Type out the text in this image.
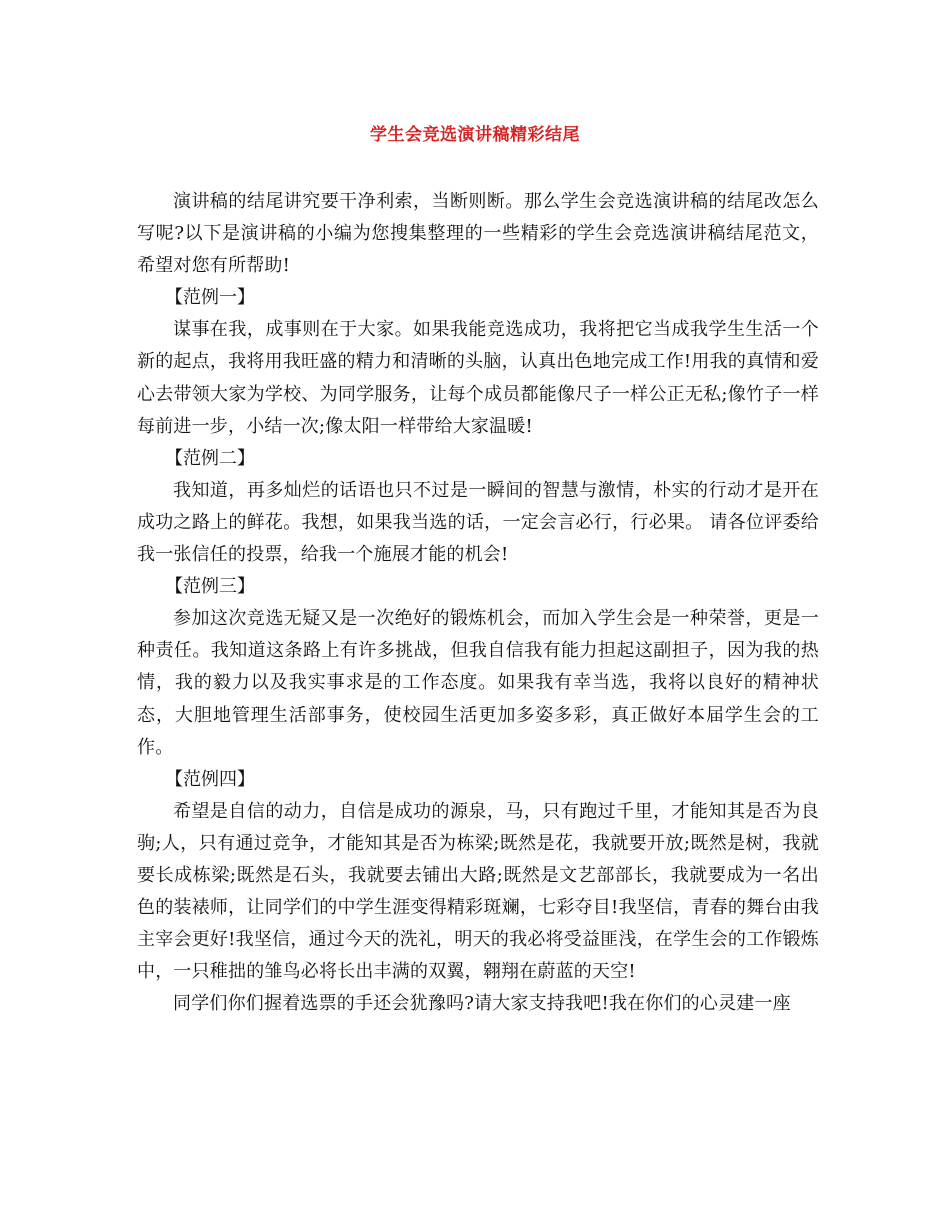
学生会竞选演讲稿精彩结尾

演讲稿的结尾讲究要干净利索，当断则断。那么学生会竞选演讲稿的结尾改怎么写呢?以下是演讲稿的小编为您搜集整理的一些精彩的学生会竞选演讲稿结尾范文，希望对您有所帮助!

【范例一】

谋事在我，成事则在于大家。如果我能竞选成功，我将把它当成我学生生活一个新的起点，我将用我旺盛的精力和清晰的头脑，认真出色地完成工作!用我的真情和爱心去带领大家为学校、为同学服务，让每个成员都能像尺子一样公正无私;像竹子一样每前进一步，小结一次;像太阳一样带给大家温暖!

【范例二】

我知道，再多灿烂的话语也只不过是一瞬间的智慧与激情，朴实的行动才是开在成功之路上的鲜花。我想，如果我当选的话，一定会言必行，行必果。 请各位评委给我一张信任的投票，给我一个施展才能的机会!

【范例三】

参加这次竞选无疑又是一次绝好的锻炼机会，而加入学生会是一种荣誉，更是一种责任。我知道这条路上有许多挑战，但我自信我有能力担起这副担子，因为我的热情，我的毅力以及我实事求是的工作态度。如果我有幸当选，我将以良好的精神状态，大胆地管理生活部事务，使校园生活更加多姿多彩，真正做好本届学生会的工作。

【范例四】

希望是自信的动力，自信是成功的源泉，马，只有跑过千里，才能知其是否为良驹;人，只有通过竞争，才能知其是否为栋梁;既然是花，我就要开放;既然是树，我就要长成栋梁;既然是石头，我就要去铺出大路;既然是文艺部部长，我就要成为一名出色的装裱师，让同学们的中学生涯变得精彩斑斓，七彩夺目!我坚信，青春的舞台由我主宰会更好!我坚信，通过今天的洗礼，明天的我必将受益匪浅，在学生会的工作锻炼中，一只稚拙的雏鸟必将长出丰满的双翼，翱翔在蔚蓝的天空!

同学们你们握着选票的手还会犹豫吗?请大家支持我吧!我在你们的心灵建一座
